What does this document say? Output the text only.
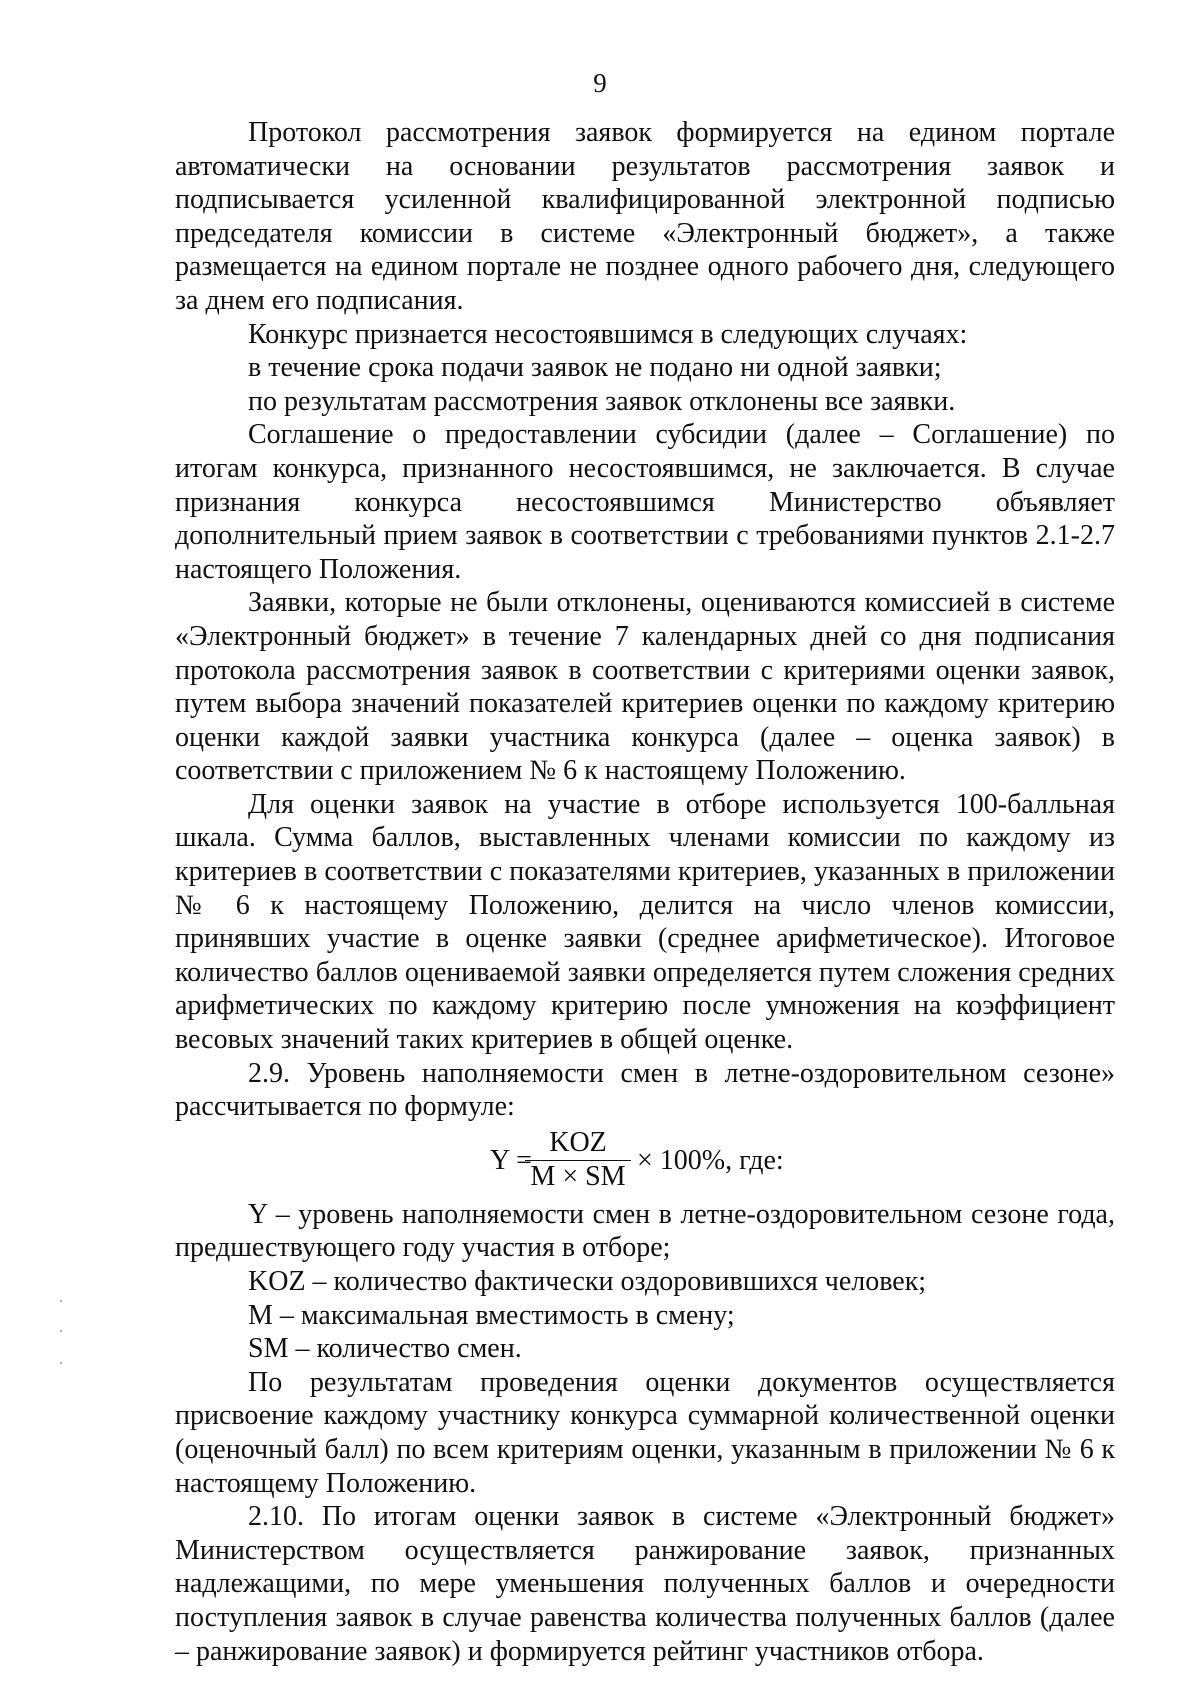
9

Протокол рассмотрения заявок формируется на едином портале автоматически на основании результатов рассмотрения заявок и подписывается усиленной квалифицированной электронной подписью председателя комиссии в системе «Электронный бюджет», а также размещается на едином портале не позднее одного рабочего дня, следующего за днем его подписания.

Конкурс признается несостоявшимся в следующих случаях:

в течение срока подачи заявок не подано ни одной заявки;

по результатам рассмотрения заявок отклонены все заявки.

Соглашение о предоставлении субсидии (далее – Соглашение) по итогам конкурса, признанного несостоявшимся, не заключается. В случае признания конкурса несостоявшимся Министерство объявляет дополнительный прием заявок в соответствии с требованиями пунктов 2.1-2.7 настоящего Положения.

Заявки, которые не были отклонены, оцениваются комиссией в системе «Электронный бюджет» в течение 7 календарных дней со дня подписания протокола рассмотрения заявок в соответствии с критериями оценки заявок, путем выбора значений показателей критериев оценки по каждому критерию оценки каждой заявки участника конкурса (далее – оценка заявок) в соответствии с приложением № 6 к настоящему Положению.

Для оценки заявок на участие в отборе используется 100-балльная шкала. Сумма баллов, выставленных членами комиссии по каждому из критериев в соответствии с показателями критериев, указанных в приложении № 6 к настоящему Положению, делится на число членов комиссии, принявших участие в оценке заявки (среднее арифметическое). Итоговое количество баллов оцениваемой заявки определяется путем сложения средних арифметических по каждому критерию после умножения на коэффициент весовых значений таких критериев в общей оценке.

2.9. Уровень наполняемости смен в летне-оздоровительном сезоне» рассчитывается по формуле:

Y =
KOZ
M × SM
× 100%, где:

Y – уровень наполняемости смен в летне-оздоровительном сезоне года, предшествующего году участия в отборе;

KOZ – количество фактически оздоровившихся человек;

M – максимальная вместимость в смену;

SM – количество смен.

По результатам проведения оценки документов осуществляется присвоение каждому участнику конкурса суммарной количественной оценки (оценочный балл) по всем критериям оценки, указанным в приложении № 6 к настоящему Положению.

2.10. По итогам оценки заявок в системе «Электронный бюджет» Министерством осуществляется ранжирование заявок, признанных надлежащими, по мере уменьшения полученных баллов и очередности поступления заявок в случае равенства количества полученных баллов (далее – ранжирование заявок) и формируется рейтинг участников отбора.
